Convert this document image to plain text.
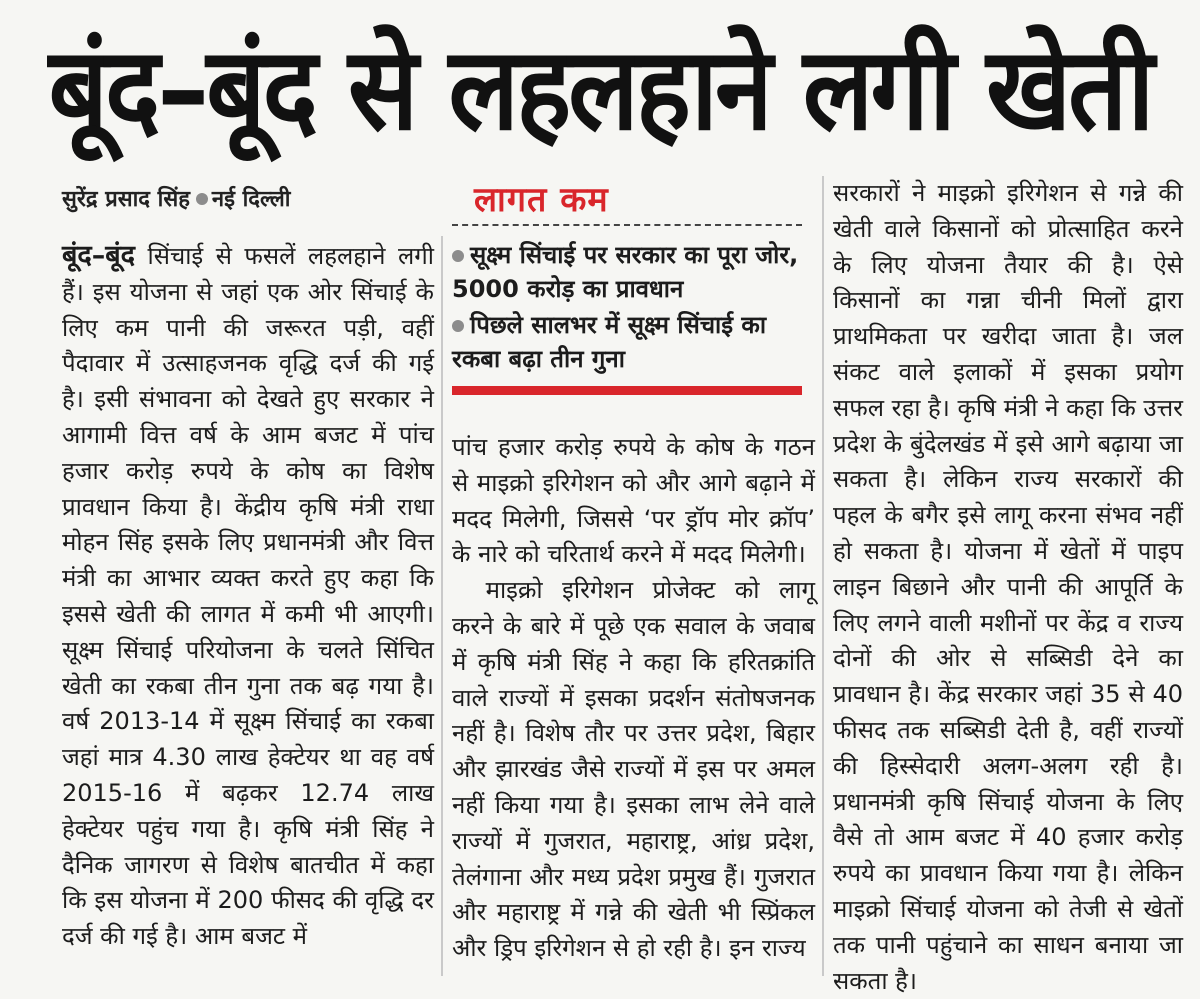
बूंद–बूंद से लहलहाने लगी खेती
सुरेंद्र प्रसाद सिंह नई दिल्ली

बूंद–बूंद सिंचाई से फसलें लहलहाने लगी हैं। इस योजना से जहां एक ओर सिंचाई के लिए कम पानी की जरूरत पड़ी, वहीं पैदावार में उत्साहजनक वृद्धि दर्ज की गई है। इसी संभावना को देखते हुए सरकार ने आगामी वित्त वर्ष के आम बजट में पांच हजार करोड़ रुपये के कोष का विशेष प्रावधान किया है। केंद्रीय कृषि मंत्री राधा मोहन सिंह इसके लिए प्रधानमंत्री और वित्त मंत्री का आभार व्यक्त करते हुए कहा कि इससे खेती की लागत में कमी भी आएगी। सूक्ष्म सिंचाई परियोजना के चलते सिंचित खेती का रकबा तीन गुना तक बढ़ गया है। वर्ष 2013-14 में सूक्ष्म सिंचाई का रकबा जहां मात्र 4.30 लाख हेक्टेयर था वह वर्ष 2015-16 में बढ़कर 12.74 लाख हेक्टेयर पहुंच गया है। कृषि मंत्री सिंह ने दैनिक जागरण से विशेष बातचीत में कहा कि इस योजना में 200 फीसद की वृद्धि दर दर्ज की गई है। आम बजट में

लागत कम
सूक्ष्म सिंचाई पर सरकार का पूरा जोर, 5000 करोड़ का प्रावधान
पिछले सालभर में सूक्ष्म सिंचाई का रकबा बढ़ा तीन गुना

पांच हजार करोड़ रुपये के कोष के गठन से माइक्रो इरिगेशन को और आगे बढ़ाने में मदद मिलेगी, जिससे ‘पर ड्रॉप मोर क्रॉप’ के नारे को चरितार्थ करने में मदद मिलेगी।

माइक्रो इरिगेशन प्रोजेक्ट को लागू करने के बारे में पूछे एक सवाल के जवाब में कृषि मंत्री सिंह ने कहा कि हरितक्रांति वाले राज्यों में इसका प्रदर्शन संतोषजनक नहीं है। विशेष तौर पर उत्तर प्रदेश, बिहार और झारखंड जैसे राज्यों में इस पर अमल नहीं किया गया है। इसका लाभ लेने वाले राज्यों में गुजरात, महाराष्ट्र, आंध्र प्रदेश, तेलंगाना और मध्य प्रदेश प्रमुख हैं। गुजरात और महाराष्ट्र में गन्ने की खेती भी स्प्रिंकल और ड्रिप इरिगेशन से हो रही है। इन राज्य

सरकारों ने माइक्रो इरिगेशन से गन्ने की खेती वाले किसानों को प्रोत्साहित करने के लिए योजना तैयार की है। ऐसे किसानों का गन्ना चीनी मिलों द्वारा प्राथमिकता पर खरीदा जाता है। जल संकट वाले इलाकों में इसका प्रयोग सफल रहा है। कृषि मंत्री ने कहा कि उत्तर प्रदेश के बुंदेलखंड में इसे आगे बढ़ाया जा सकता है। लेकिन राज्य सरकारों की पहल के बगैर इसे लागू करना संभव नहीं हो सकता है। योजना में खेतों में पाइप लाइन बिछाने और पानी की आपूर्ति के लिए लगने वाली मशीनों पर केंद्र व राज्य दोनों की ओर से सब्सिडी देने का प्रावधान है। केंद्र सरकार जहां 35 से 40 फीसद तक सब्सिडी देती है, वहीं राज्यों की हिस्सेदारी अलग-अलग रही है। प्रधानमंत्री कृषि सिंचाई योजना के लिए वैसे तो आम बजट में 40 हजार करोड़ रुपये का प्रावधान किया गया है। लेकिन माइक्रो सिंचाई योजना को तेजी से खेतों तक पानी पहुंचाने का साधन बनाया जा सकता है।
